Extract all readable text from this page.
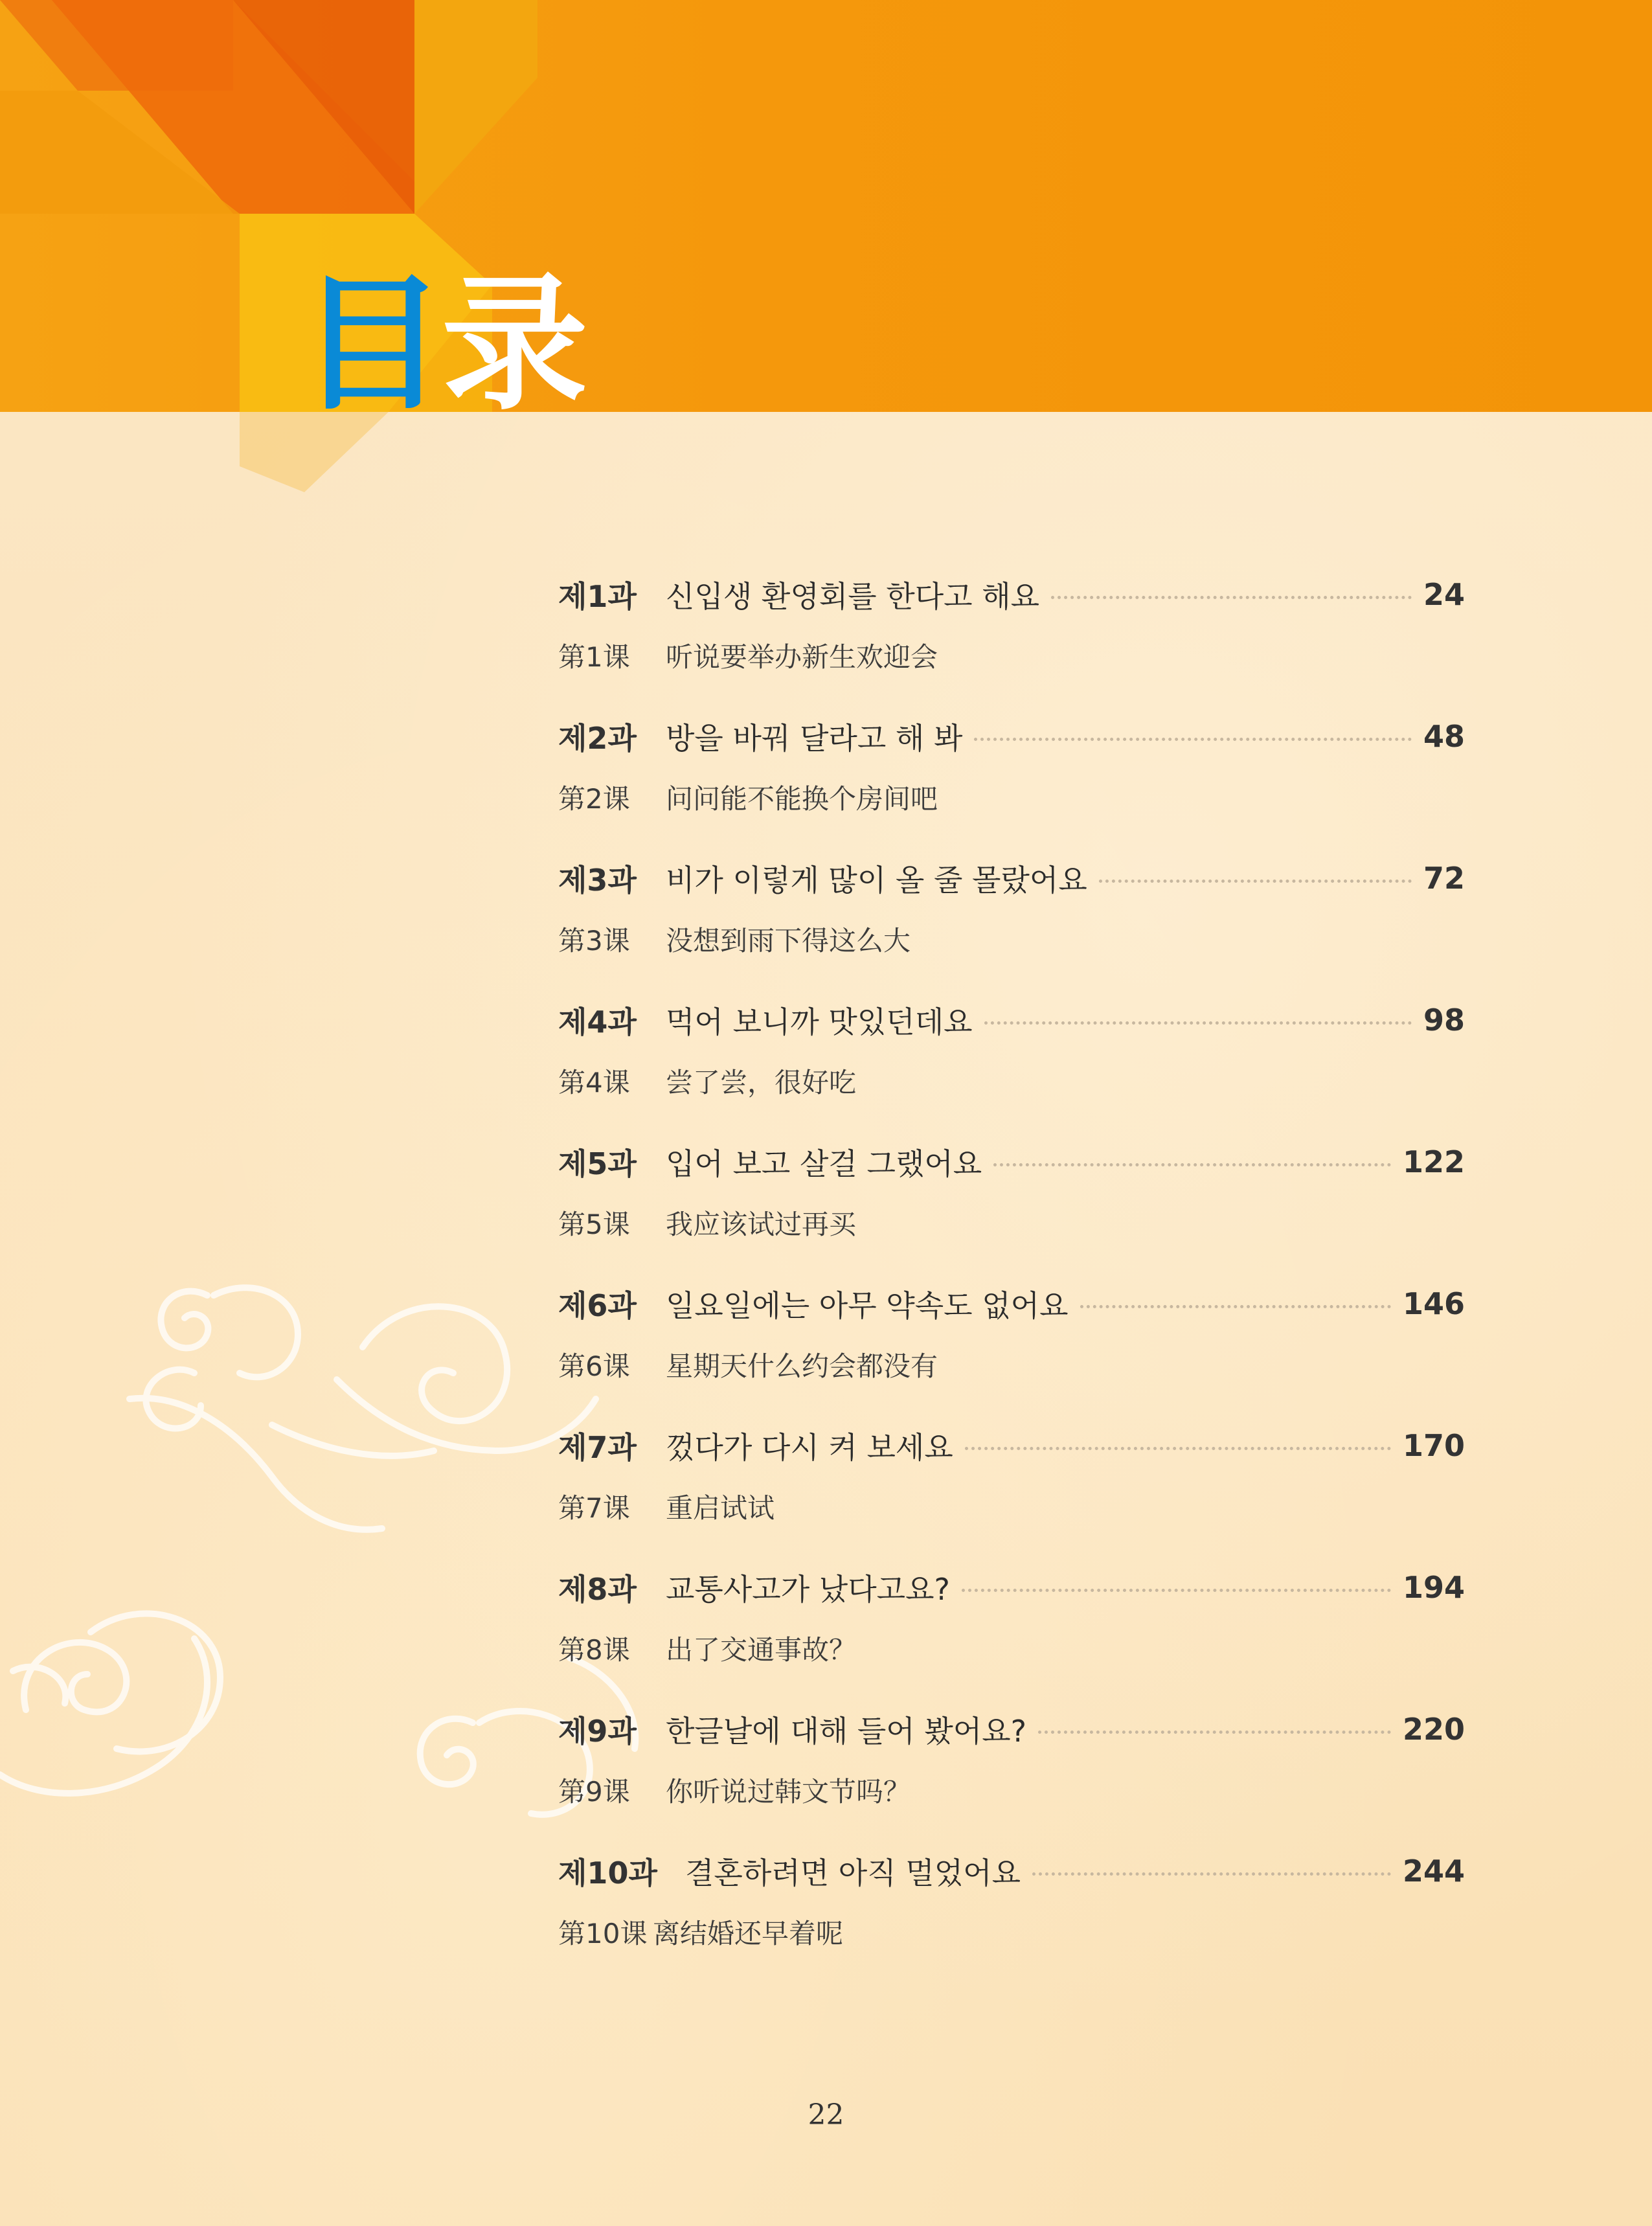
目录
제1과 신입생 환영회를 한다고 해요	24
第1课	听说要举办新生欢迎会
제2과 방을 바꿔 달라고 해 봐	48
第2课	问问能不能换个房间吧
제3과 비가 이렇게 많이 올 줄 몰랐어요	72
第3课	没想到雨下得这么大
제4과 먹어 보니까 맛있던데요	98
第4课	尝了尝，很好吃
제5과 입어 보고 살걸 그랬어요	122
第5课	我应该试过再买
제6과 일요일에는 아무 약속도 없어요	146
第6课	星期天什么约会都没有
제7과 껐다가 다시 켜 보세요	170
第7课	重启试试
제8과 교통사고가 났다고요?	194
第8课	出了交通事故？
제9과 한글날에 대해 들어 봤어요?	220
第9课	你听说过韩文节吗？
제10과 결혼하려면 아직 멀었어요	244
第10课 离结婚还早着呢
22
